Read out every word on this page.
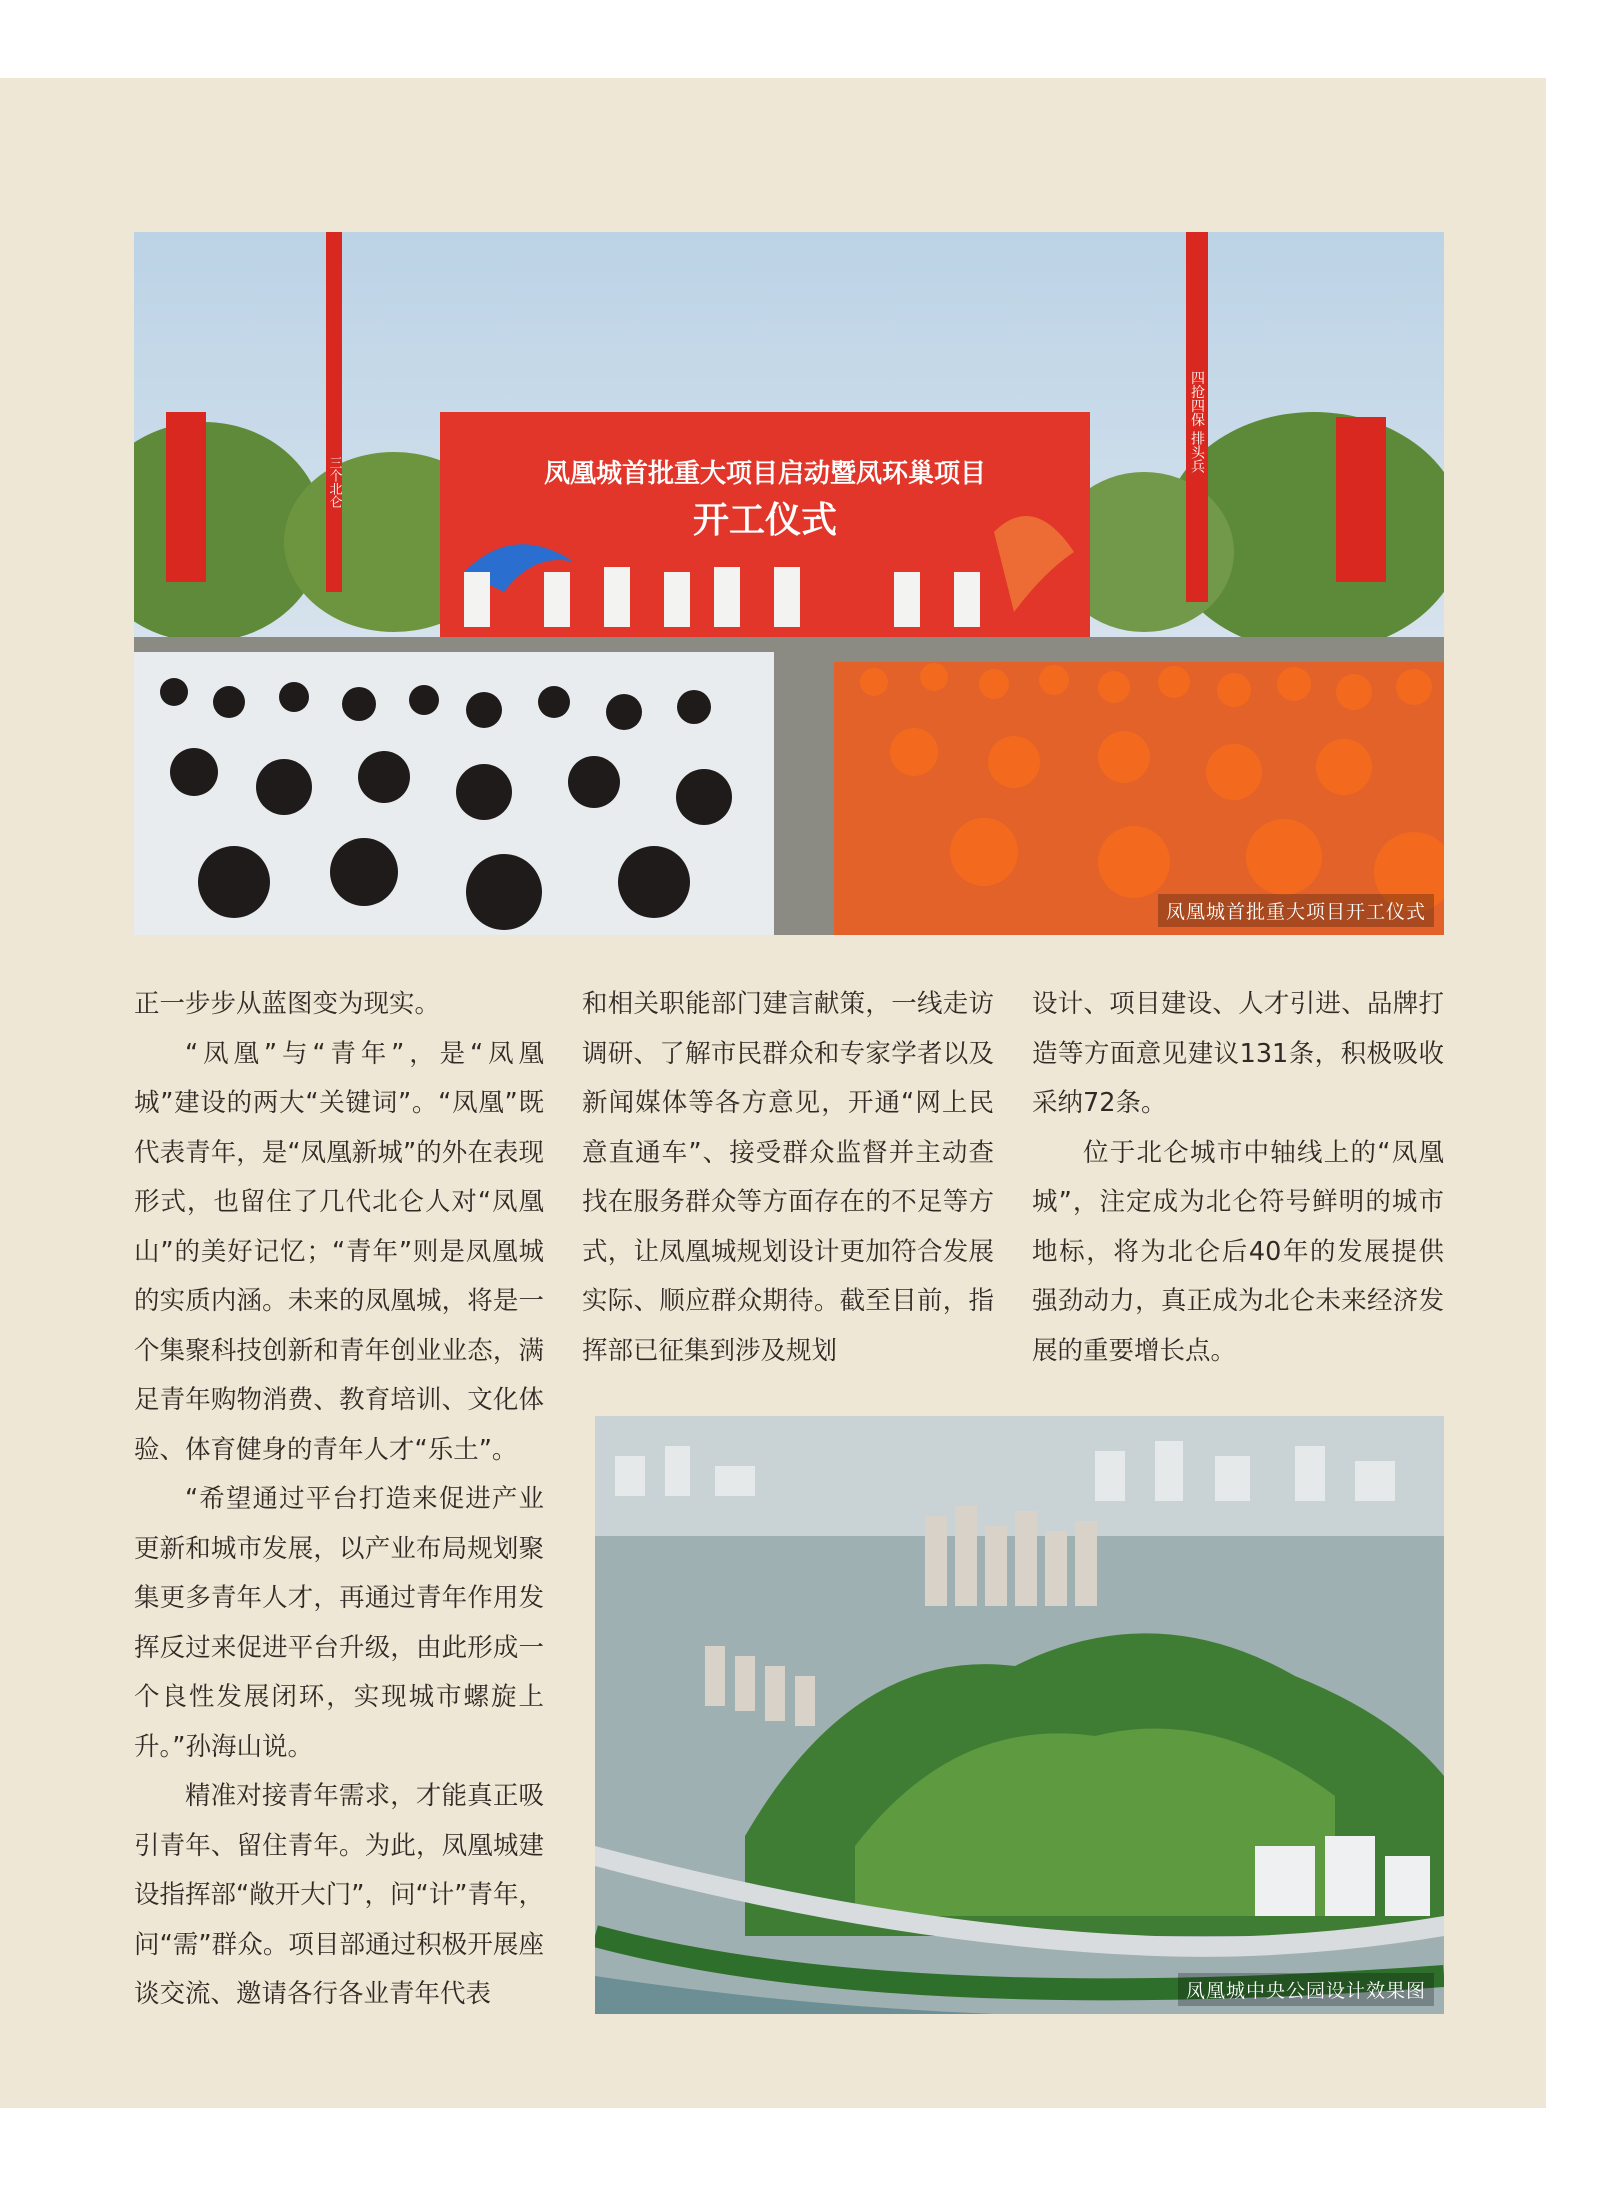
凤凰城首批重大项目启动暨凤环巢项目
开工仪式
三个北仑
四抢四保 排头兵
凤凰城首批重大项目开工仪式

正一步步从蓝图变为现实。

“凤凰”与“青年”，是“凤凰城”建设的两大“关键词”。“凤凰”既代表青年，是“凤凰新城”的外在表现形式，也留住了几代北仑人对“凤凰山”的美好记忆；“青年”则是凤凰城的实质内涵。未来的凤凰城，将是一个集聚科技创新和青年创业业态，满足青年购物消费、教育培训、文化体验、体育健身的青年人才“乐土”。

“希望通过平台打造来促进产业更新和城市发展，以产业布局规划聚集更多青年人才，再通过青年作用发挥反过来促进平台升级，由此形成一个良性发展闭环，实现城市螺旋上升。”孙海山说。

精准对接青年需求，才能真正吸引青年、留住青年。为此，凤凰城建设指挥部“敞开大门”，问“计”青年，问“需”群众。项目部通过积极开展座谈交流、邀请各行各业青年代表

和相关职能部门建言献策，一线走访调研、了解市民群众和专家学者以及新闻媒体等各方意见，开通“网上民意直通车”、接受群众监督并主动查找在服务群众等方面存在的不足等方式，让凤凰城规划设计更加符合发展实际、顺应群众期待。截至目前，指挥部已征集到涉及规划

设计、项目建设、人才引进、品牌打造等方面意见建议131条，积极吸收采纳72条。

位于北仑城市中轴线上的“凤凰城”，注定成为北仑符号鲜明的城市地标，将为北仑后40年的发展提供强劲动力，真正成为北仑未来经济发展的重要增长点。

凤凰城中央公园设计效果图
